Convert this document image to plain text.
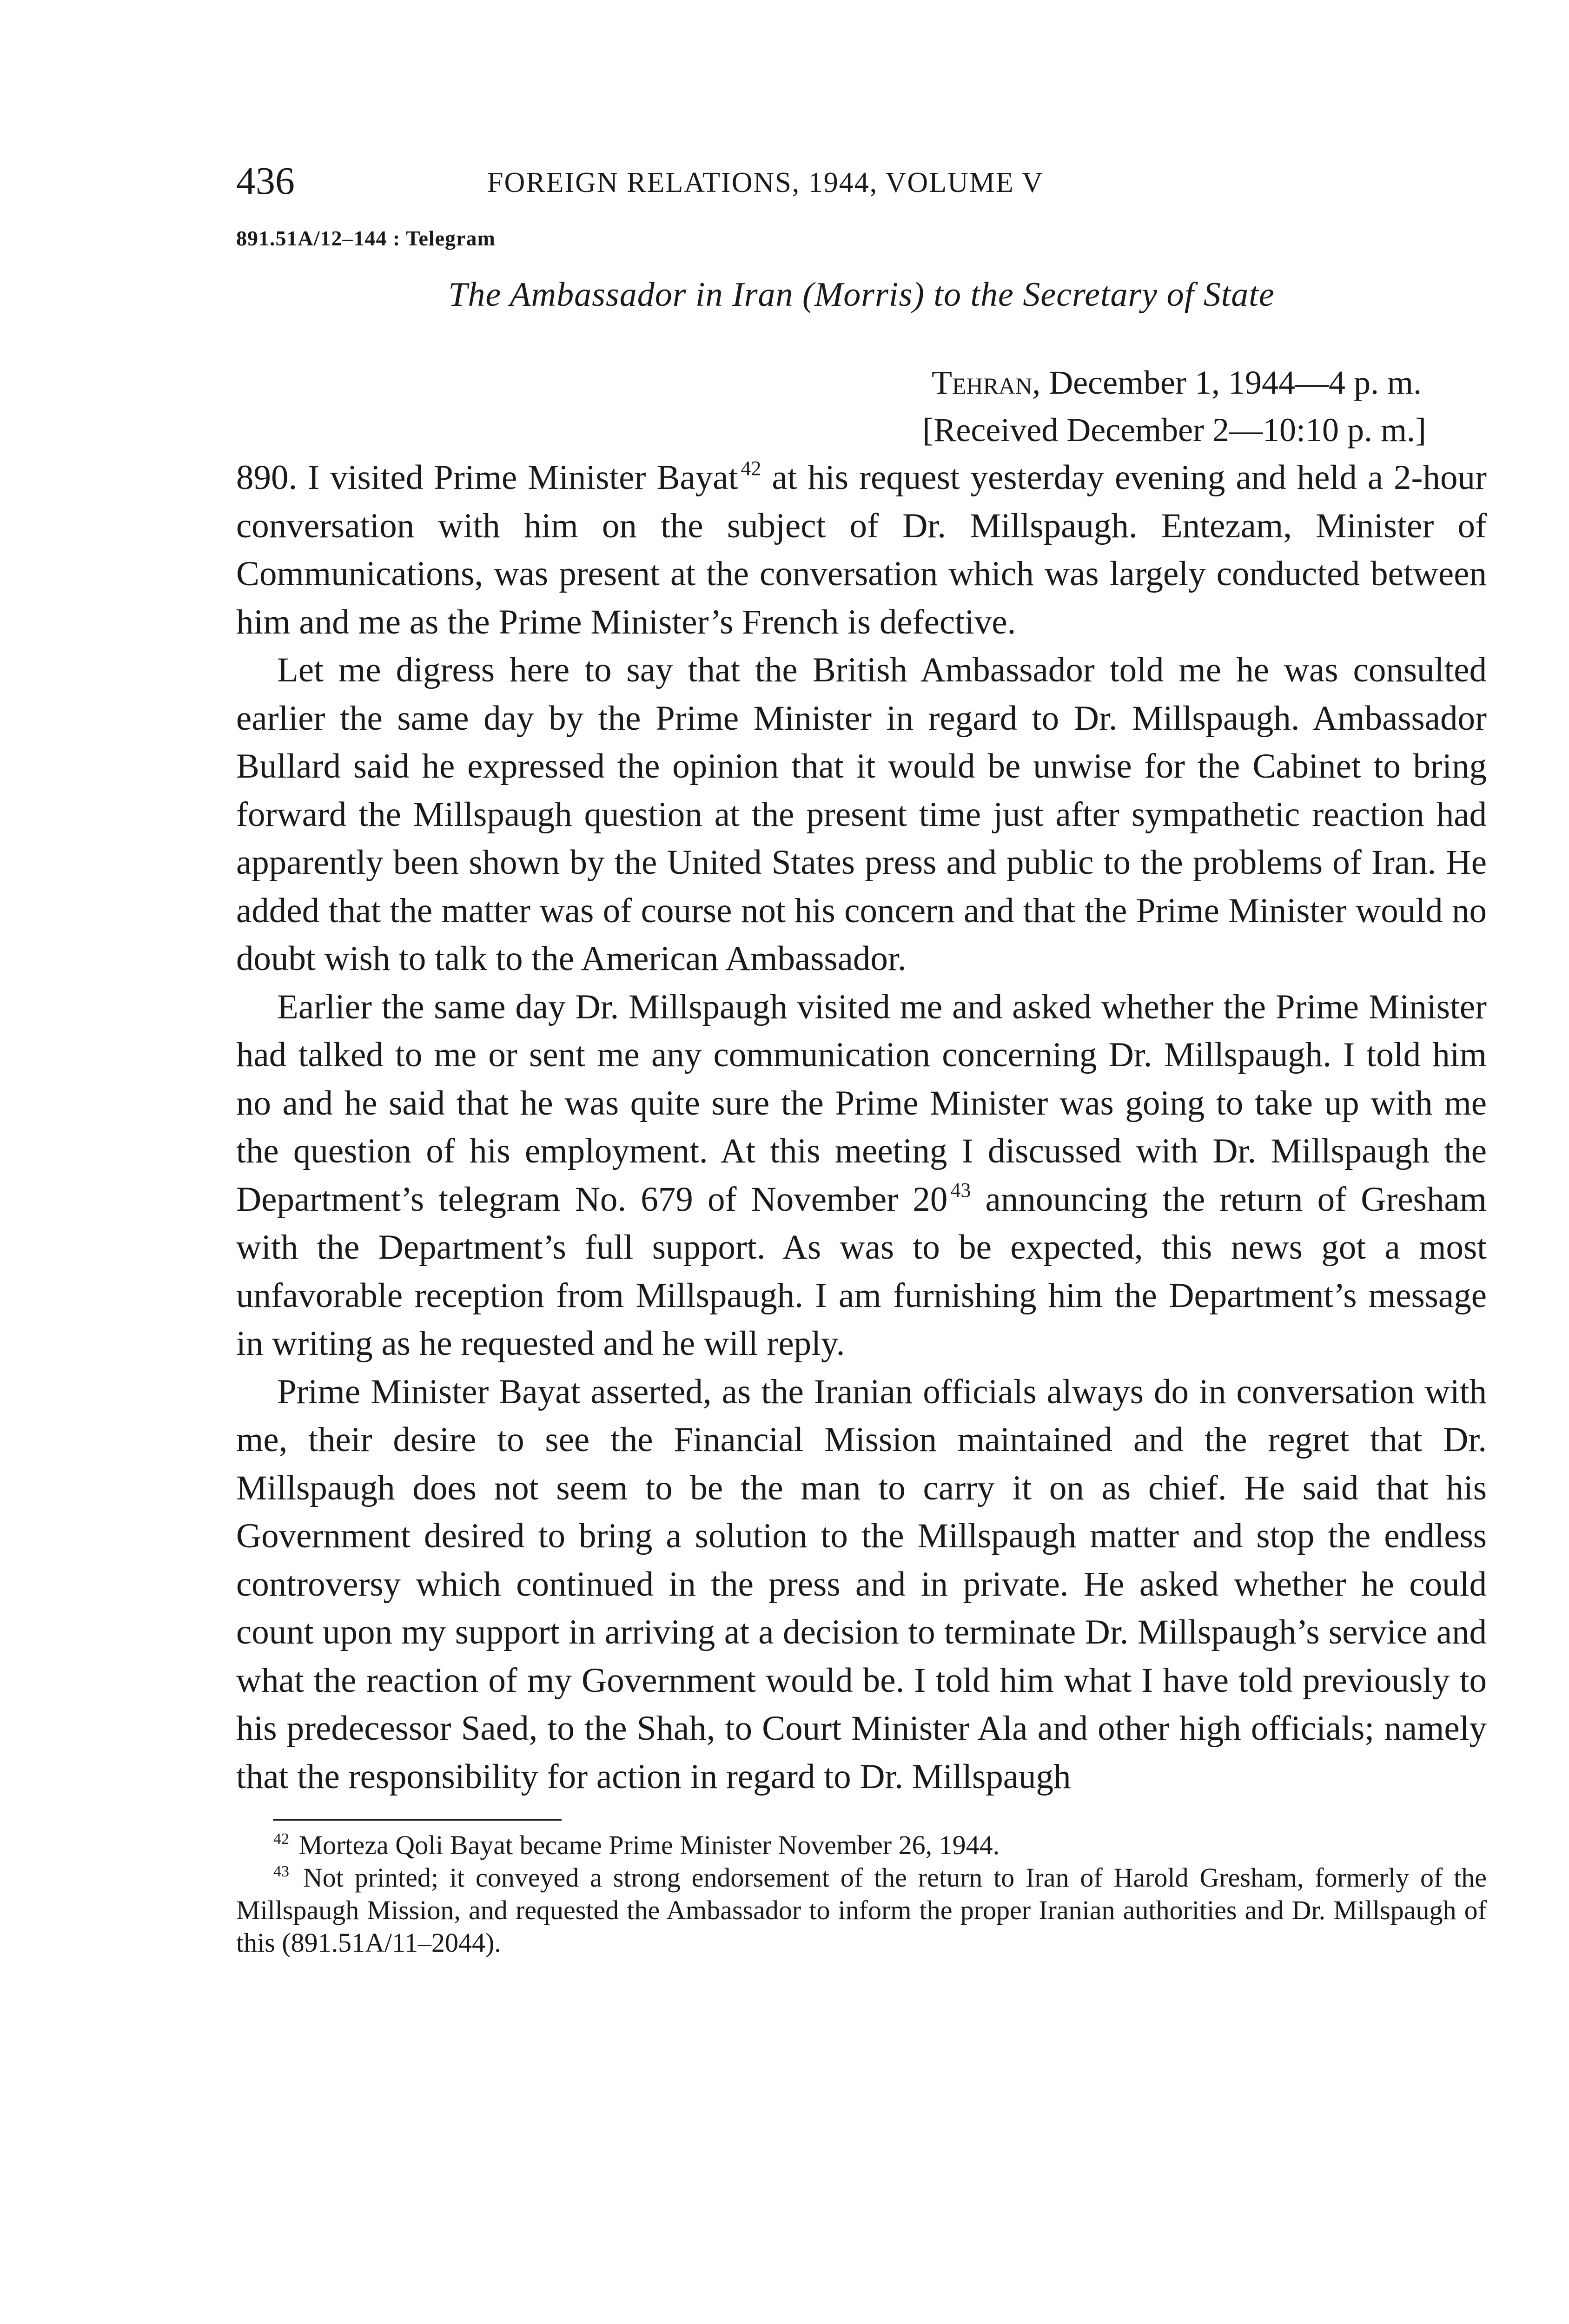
436	FOREIGN RELATIONS, 1944, VOLUME V
891.51A/12–144 : Telegram
The Ambassador in Iran (Morris) to the Secretary of State
Tehran, December 1, 1944—4 p. m.
[Received December 2—10:10 p. m.]

890. I visited Prime Minister Bayat $^{42}$ at his request yesterday evening and held a 2-hour conversation with him on the subject of Dr. Millspaugh. Entezam, Minister of Communications, was present at the conversation which was largely conducted between him and me as the Prime Minister’s French is defective.

Let me digress here to say that the British Ambassador told me he was consulted earlier the same day by the Prime Minister in regard to Dr. Millspaugh. Ambassador Bullard said he expressed the opinion that it would be unwise for the Cabinet to bring forward the Millspaugh question at the present time just after sympathetic reaction had apparently been shown by the United States press and public to the problems of Iran. He added that the matter was of course not his concern and that the Prime Minister would no doubt wish to talk to the American Ambassador.

Earlier the same day Dr. Millspaugh visited me and asked whether the Prime Minister had talked to me or sent me any communication concerning Dr. Millspaugh. I told him no and he said that he was quite sure the Prime Minister was going to take up with me the question of his employment. At this meeting I discussed with Dr. Millspaugh the Department’s telegram No. 679 of November 20 $^{43}$ announcing the return of Gresham with the Department’s full support. As was to be expected, this news got a most unfavorable reception from Millspaugh. I am furnishing him the Department’s message in writing as he requested and he will reply.

Prime Minister Bayat asserted, as the Iranian officials always do in conversation with me, their desire to see the Financial Mission maintained and the regret that Dr. Millspaugh does not seem to be the man to carry it on as chief. He said that his Government desired to bring a solution to the Millspaugh matter and stop the endless controversy which continued in the press and in private. He asked whether he could count upon my support in arriving at a decision to terminate Dr. Millspaugh’s service and what the reaction of my Government would be. I told him what I have told previously to his predecessor Saed, to the Shah, to Court Minister Ala and other high officials; namely that the responsibility for action in regard to Dr. Millspaugh

$^{42}$ Morteza Qoli Bayat became Prime Minister November 26, 1944.

$^{43}$ Not printed; it conveyed a strong endorsement of the return to Iran of Harold Gresham, formerly of the Millspaugh Mission, and requested the Ambassador to inform the proper Iranian authorities and Dr. Millspaugh of this (891.51A/11–2044).
